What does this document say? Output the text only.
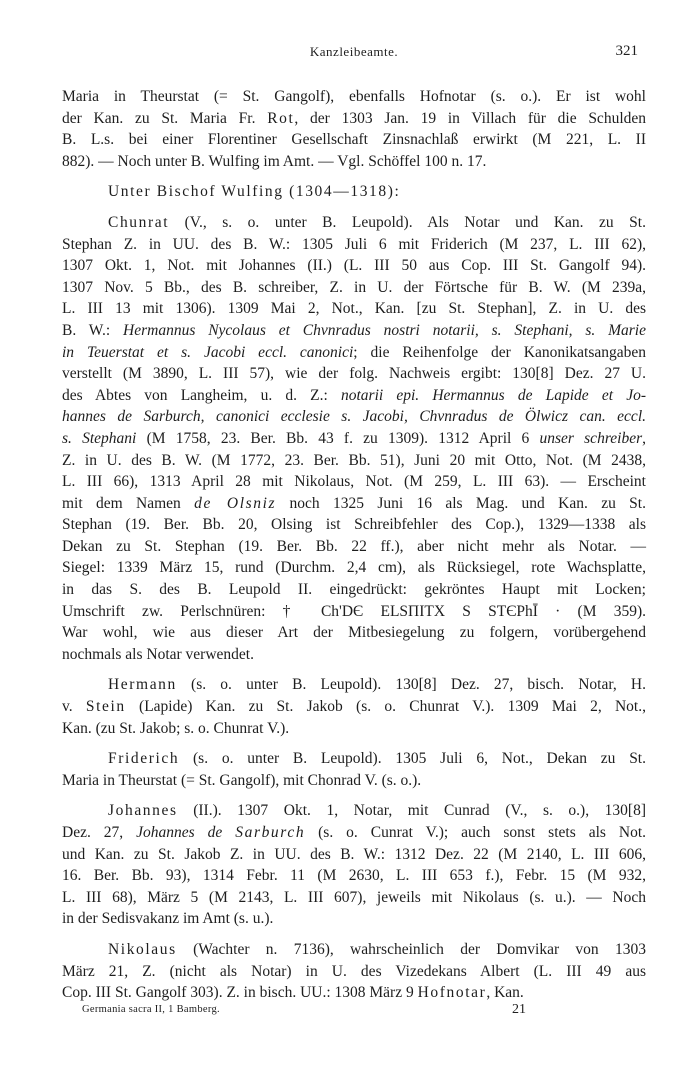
Kanzleibeamte.	321
Maria in Theurstat (= St. Gangolf), ebenfalls Hofnotar (s. o.). Er ist wohl
der Kan. zu St. Maria Fr. Rot, der 1303 Jan. 19 in Villach für die Schulden
B. L.s. bei einer Florentiner Gesellschaft Zinsnachlaß erwirkt (M 221, L. II
882). — Noch unter B. Wulfing im Amt. — Vgl. Schöffel 100 n. 17.
Unter Bischof Wulfing (1304—1318):
Chunrat (V., s. o. unter B. Leupold). Als Notar und Kan. zu St.
Stephan Z. in UU. des B. W.: 1305 Juli 6 mit Friderich (M 237, L. III 62),
1307 Okt. 1, Not. mit Johannes (II.) (L. III 50 aus Cop. III St. Gangolf 94).
1307 Nov. 5 Bb., des B. schreiber, Z. in U. der Förtsche für B. W. (M 239a,
L. III 13 mit 1306). 1309 Mai 2, Not., Kan. [zu St. Stephan], Z. in U. des
B. W.: Hermannus Nycolaus et Chvnradus nostri notarii, s. Stephani, s. Marie
in Teuerstat et s. Jacobi eccl. canonici; die Reihenfolge der Kanonikatsangaben
verstellt (M 3890, L. III 57), wie der folg. Nachweis ergibt: 130[8] Dez. 27 U.
des Abtes von Langheim, u. d. Z.: notarii epi. Hermannus de Lapide et Jo-
hannes de Sarburch, canonici ecclesie s. Jacobi, Chvnradus de Ölwicz can. eccl.
s. Stephani (M 1758, 23. Ber. Bb. 43 f. zu 1309). 1312 April 6 unser schreiber,
Z. in U. des B. W. (M 1772, 23. Ber. Bb. 51), Juni 20 mit Otto, Not. (M 2438,
L. III 66), 1313 April 28 mit Nikolaus, Not. (M 259, L. III 63). — Erscheint
mit dem Namen de Olsniz noch 1325 Juni 16 als Mag. und Kan. zu St.
Stephan (19. Ber. Bb. 20, Olsing ist Schreibfehler des Cop.), 1329—1338 als
Dekan zu St. Stephan (19. Ber. Bb. 22 ff.), aber nicht mehr als Notar. —
Siegel: 1339 März 15, rund (Durchm. 2,4 cm), als Rücksiegel, rote Wachsplatte,
in das S. des B. Leupold II. eingedrückt: gekröntes Haupt mit Locken;
Umschrift zw. Perlschnüren: † Ch'DЄ ELSΠITΧ S STЄPhĪ · (M 359).
War wohl, wie aus dieser Art der Mitbesiegelung zu folgern, vorübergehend
nochmals als Notar verwendet.
Hermann (s. o. unter B. Leupold). 130[8] Dez. 27, bisch. Notar, H.
v. Stein (Lapide) Kan. zu St. Jakob (s. o. Chunrat V.). 1309 Mai 2, Not.,
Kan. (zu St. Jakob; s. o. Chunrat V.).
Friderich (s. o. unter B. Leupold). 1305 Juli 6, Not., Dekan zu St.
Maria in Theurstat (= St. Gangolf), mit Chonrad V. (s. o.).
Johannes (II.). 1307 Okt. 1, Notar, mit Cunrad (V., s. o.), 130[8]
Dez. 27, Johannes de Sarburch (s. o. Cunrat V.); auch sonst stets als Not.
und Kan. zu St. Jakob Z. in UU. des B. W.: 1312 Dez. 22 (M 2140, L. III 606,
16. Ber. Bb. 93), 1314 Febr. 11 (M 2630, L. III 653 f.), Febr. 15 (M 932,
L. III 68), März 5 (M 2143, L. III 607), jeweils mit Nikolaus (s. u.). — Noch
in der Sedisvakanz im Amt (s. u.).
Nikolaus (Wachter n. 7136), wahrscheinlich der Domvikar von 1303
März 21, Z. (nicht als Notar) in U. des Vizedekans Albert (L. III 49 aus
Cop. III St. Gangolf 303). Z. in bisch. UU.: 1308 März 9 Hofnotar, Kan.
Germania sacra II, 1 Bamberg.	21
